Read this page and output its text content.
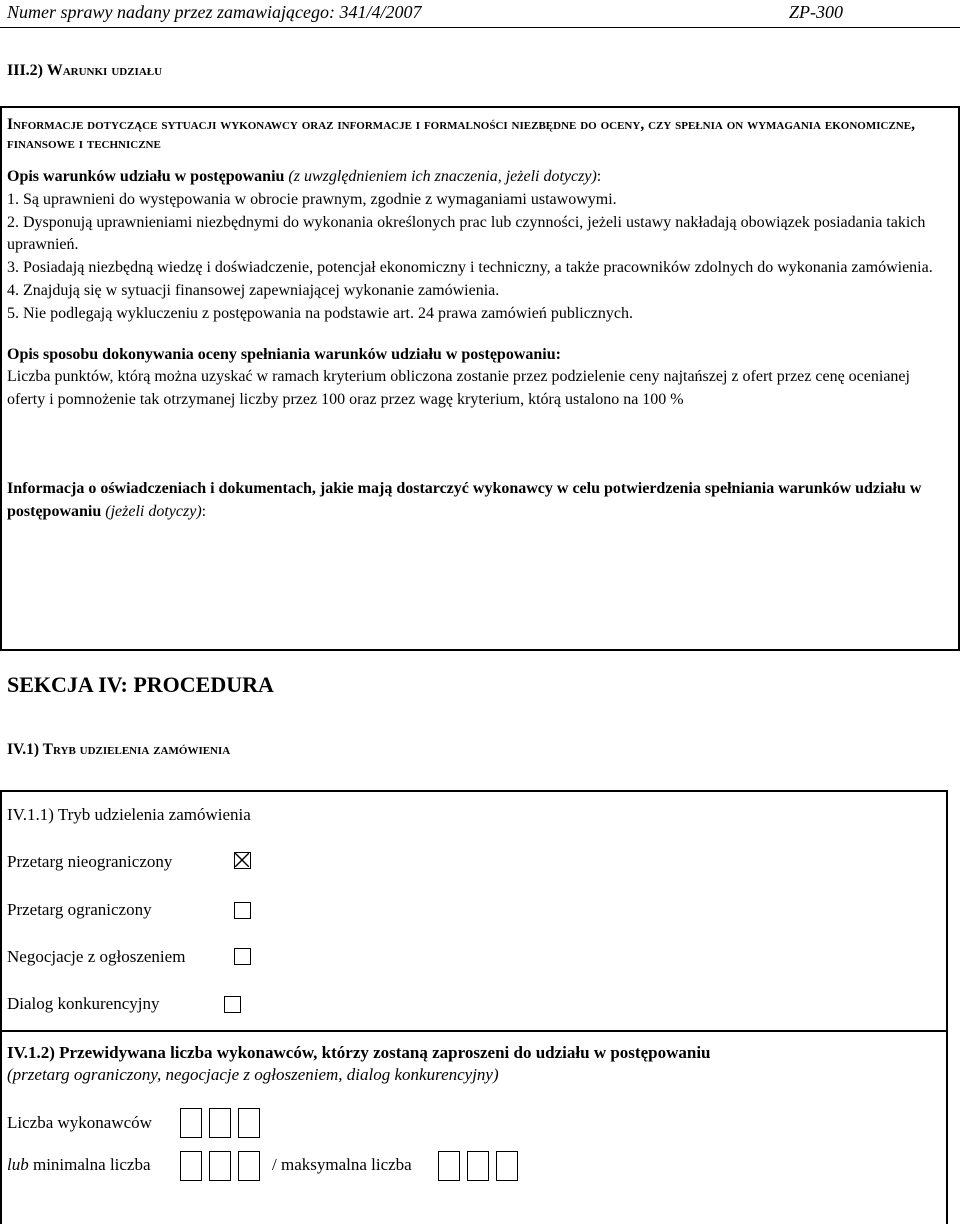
Numer sprawy nadany przez zamawiającego: 341/4/2007	ZP-300
III.2) Warunki udziału
Informacje dotyczące sytuacji wykonawcy oraz informacje i formalności niezbędne do oceny, czy spełnia on wymagania ekonomiczne, finansowe i techniczne
Opis warunków udziału w postępowaniu (z uwzględnieniem ich znaczenia, jeżeli dotyczy):
1. Są uprawnieni do występowania w obrocie prawnym, zgodnie z wymaganiami ustawowymi.
2. Dysponują uprawnieniami niezbędnymi do wykonania określonych prac lub czynności, jeżeli ustawy nakładają obowiązek posiadania takich uprawnień.
3. Posiadają niezbędną wiedzę i doświadczenie, potencjał ekonomiczny i techniczny, a także pracowników zdolnych do wykonania zamówienia.
4. Znajdują się w sytuacji finansowej zapewniającej wykonanie zamówienia.
5. Nie podlegają wykluczeniu z postępowania na podstawie art. 24 prawa zamówień publicznych.
Opis sposobu dokonywania oceny spełniania warunków udziału w postępowaniu:
Liczba punktów, którą można uzyskać w ramach kryterium obliczona zostanie przez podzielenie ceny najtańszej z ofert przez cenę ocenianej oferty i pomnożenie tak otrzymanej liczby przez 100 oraz przez wagę kryterium, którą ustalono na 100 %
Informacja o oświadczeniach i dokumentach, jakie mają dostarczyć wykonawcy w celu potwierdzenia spełniania warunków udziału w postępowaniu (jeżeli dotyczy):
SEKCJA IV: PROCEDURA
IV.1) Tryb udzielenia zamówienia
IV.1.1) Tryb udzielenia zamówienia
Przetarg nieograniczony
Przetarg ograniczony
Negocjacje z ogłoszeniem
Dialog konkurencyjny
IV.1.2) Przewidywana liczba wykonawców, którzy zostaną zaproszeni do udziału w postępowaniu
(przetarg ograniczony, negocjacje z ogłoszeniem, dialog konkurencyjny)
Liczba wykonawców
lub minimalna liczba	/ maksymalna liczba
